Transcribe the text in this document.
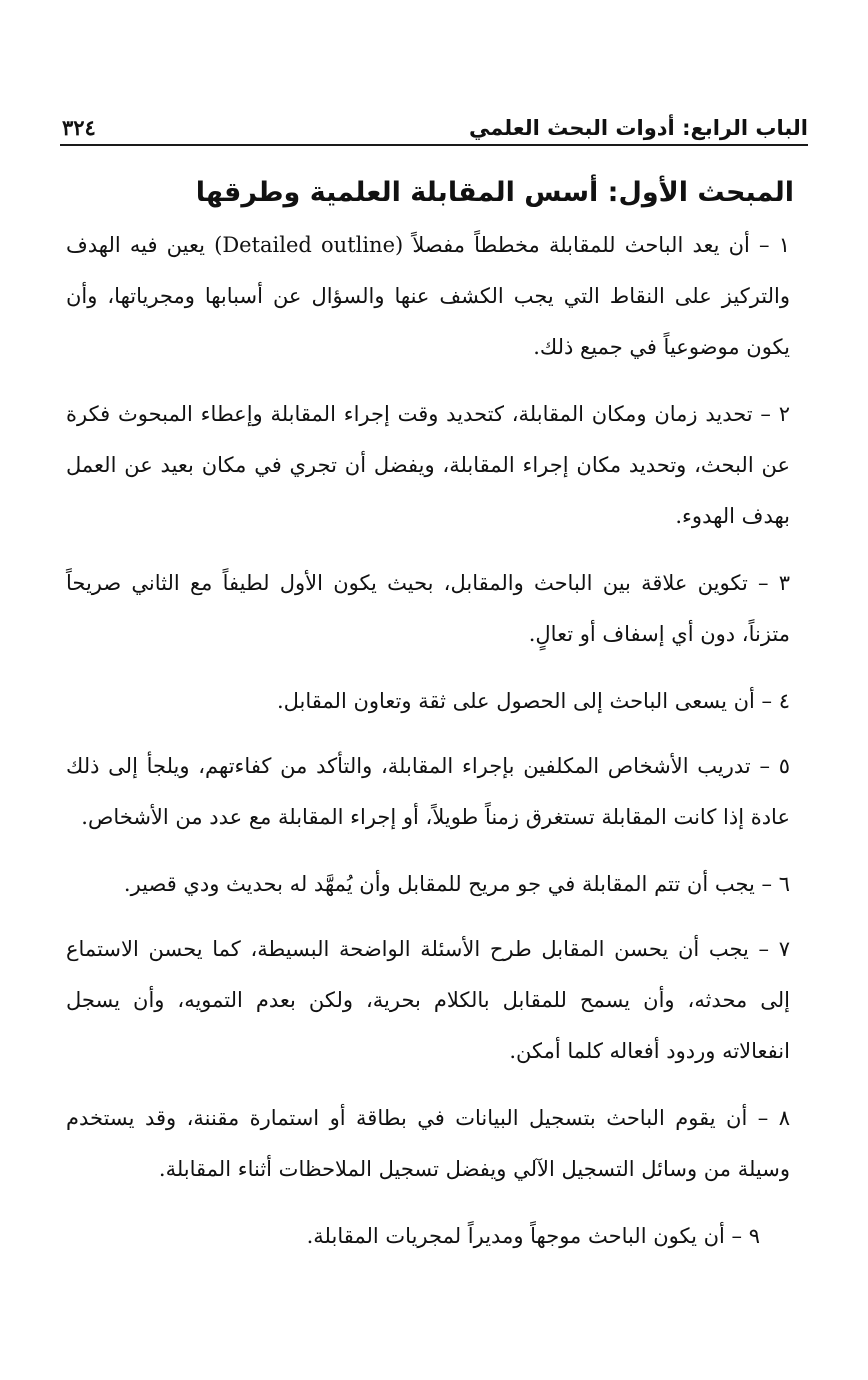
الباب الرابع: أدوات البحث العلمي
٣٢٤
المبحث الأول: أسس المقابلة العلمية وطرقها

١ – أن يعد الباحث للمقابلة مخططاً مفصلاً (Detailed outline) يعين فيه الهدف والتركيز على النقاط التي يجب الكشف عنها والسؤال عن أسبابها ومجرياتها، وأن يكون موضوعياً في جميع ذلك.

٢ – تحديد زمان ومكان المقابلة، كتحديد وقت إجراء المقابلة وإعطاء المبحوث فكرة عن البحث، وتحديد مكان إجراء المقابلة، ويفضل أن تجري في مكان بعيد عن العمل بهدف الهدوء.

٣ – تكوين علاقة بين الباحث والمقابل، بحيث يكون الأول لطيفاً مع الثاني صريحاً متزناً، دون أي إسفاف أو تعالٍ.

٤ – أن يسعى الباحث إلى الحصول على ثقة وتعاون المقابل.

٥ – تدريب الأشخاص المكلفين بإجراء المقابلة، والتأكد من كفاءتهم، ويلجأ إلى ذلك عادة إذا كانت المقابلة تستغرق زمناً طويلاً، أو إجراء المقابلة مع عدد من الأشخاص.

٦ – يجب أن تتم المقابلة في جو مريح للمقابل وأن يُمهَّد له بحديث ودي قصير.

٧ – يجب أن يحسن المقابل طرح الأسئلة الواضحة البسيطة، كما يحسن الاستماع إلى محدثه، وأن يسمح للمقابل بالكلام بحرية، ولكن بعدم التمويه، وأن يسجل انفعالاته وردود أفعاله كلما أمكن.

٨ – أن يقوم الباحث بتسجيل البيانات في بطاقة أو استمارة مقننة، وقد يستخدم وسيلة من وسائل التسجيل الآلي ويفضل تسجيل الملاحظات أثناء المقابلة.

٩ – أن يكون الباحث موجهاً ومديراً لمجريات المقابلة.
